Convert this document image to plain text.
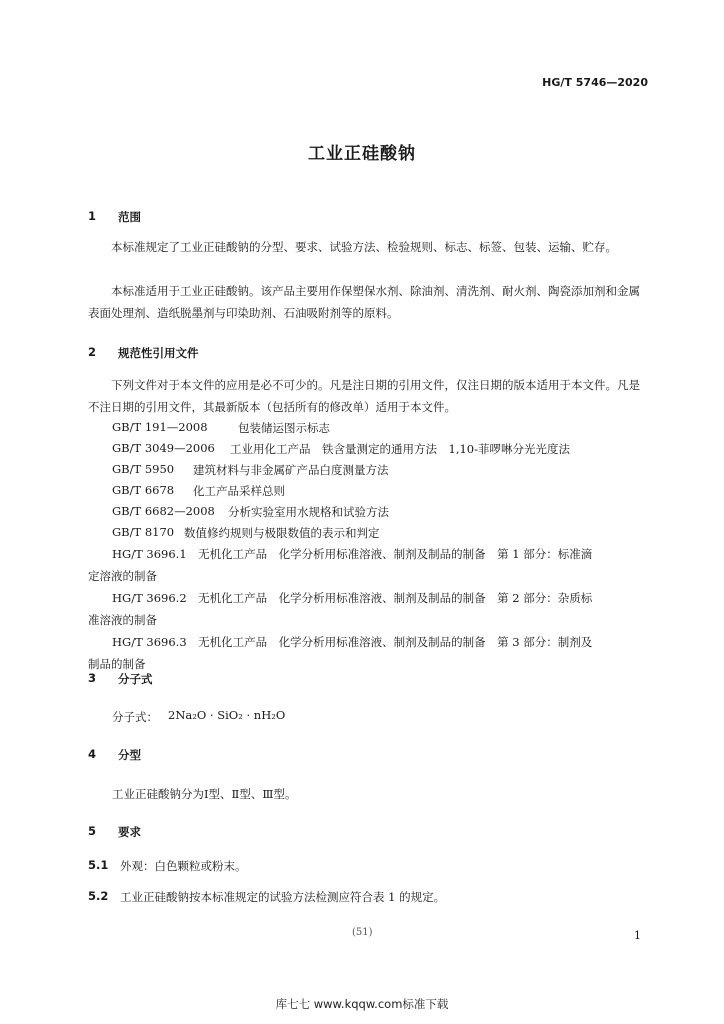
HG/T 5746—2020
工业正硅酸钠
1 范围
本标准规定了工业正硅酸钠的分型、要求、试验方法、检验规则、标志、标签、包装、运输、贮存。
本标准适用于工业正硅酸钠。该产品主要用作保塑保水剂、除油剂、清洗剂、耐火剂、陶瓷添加剂和金属表面处理剂、造纸脱墨剂与印染助剂、石油吸附剂等的原料。
2 规范性引用文件
下列文件对于本文件的应用是必不可少的。凡是注日期的引用文件，仅注日期的版本适用于本文件。凡是不注日期的引用文件，其最新版本（包括所有的修改单）适用于本文件。
GB/T 191—2008	包装储运图示标志
GB/T 3049—2006 工业用化工产品　铁含量测定的通用方法　1,10-菲啰啉分光光度法
GB/T 5950 建筑材料与非金属矿产品白度测量方法
GB/T 6678 化工产品采样总则
GB/T 6682—2008 分析实验室用水规格和试验方法
GB/T 8170 数值修约规则与极限数值的表示和判定
HG/T 3696.1　无机化工产品　化学分析用标准溶液、制剂及制品的制备　第 1 部分：标准滴
定溶液的制备
HG/T 3696.2　无机化工产品　化学分析用标准溶液、制剂及制品的制备　第 2 部分：杂质标
准溶液的制备
HG/T 3696.3　无机化工产品　化学分析用标准溶液、制剂及制品的制备　第 3 部分：制剂及
制品的制备
3 分子式
分子式： 2Na₂O · SiO₂ · nH₂O
4 分型
工业正硅酸钠分为Ⅰ型、Ⅱ型、Ⅲ型。
5 要求
5.1 外观：白色颗粒或粉末。
5.2 工业正硅酸钠按本标准规定的试验方法检测应符合表 1 的规定。
(51)	1
库七七 www.kqqw.com标准下载
